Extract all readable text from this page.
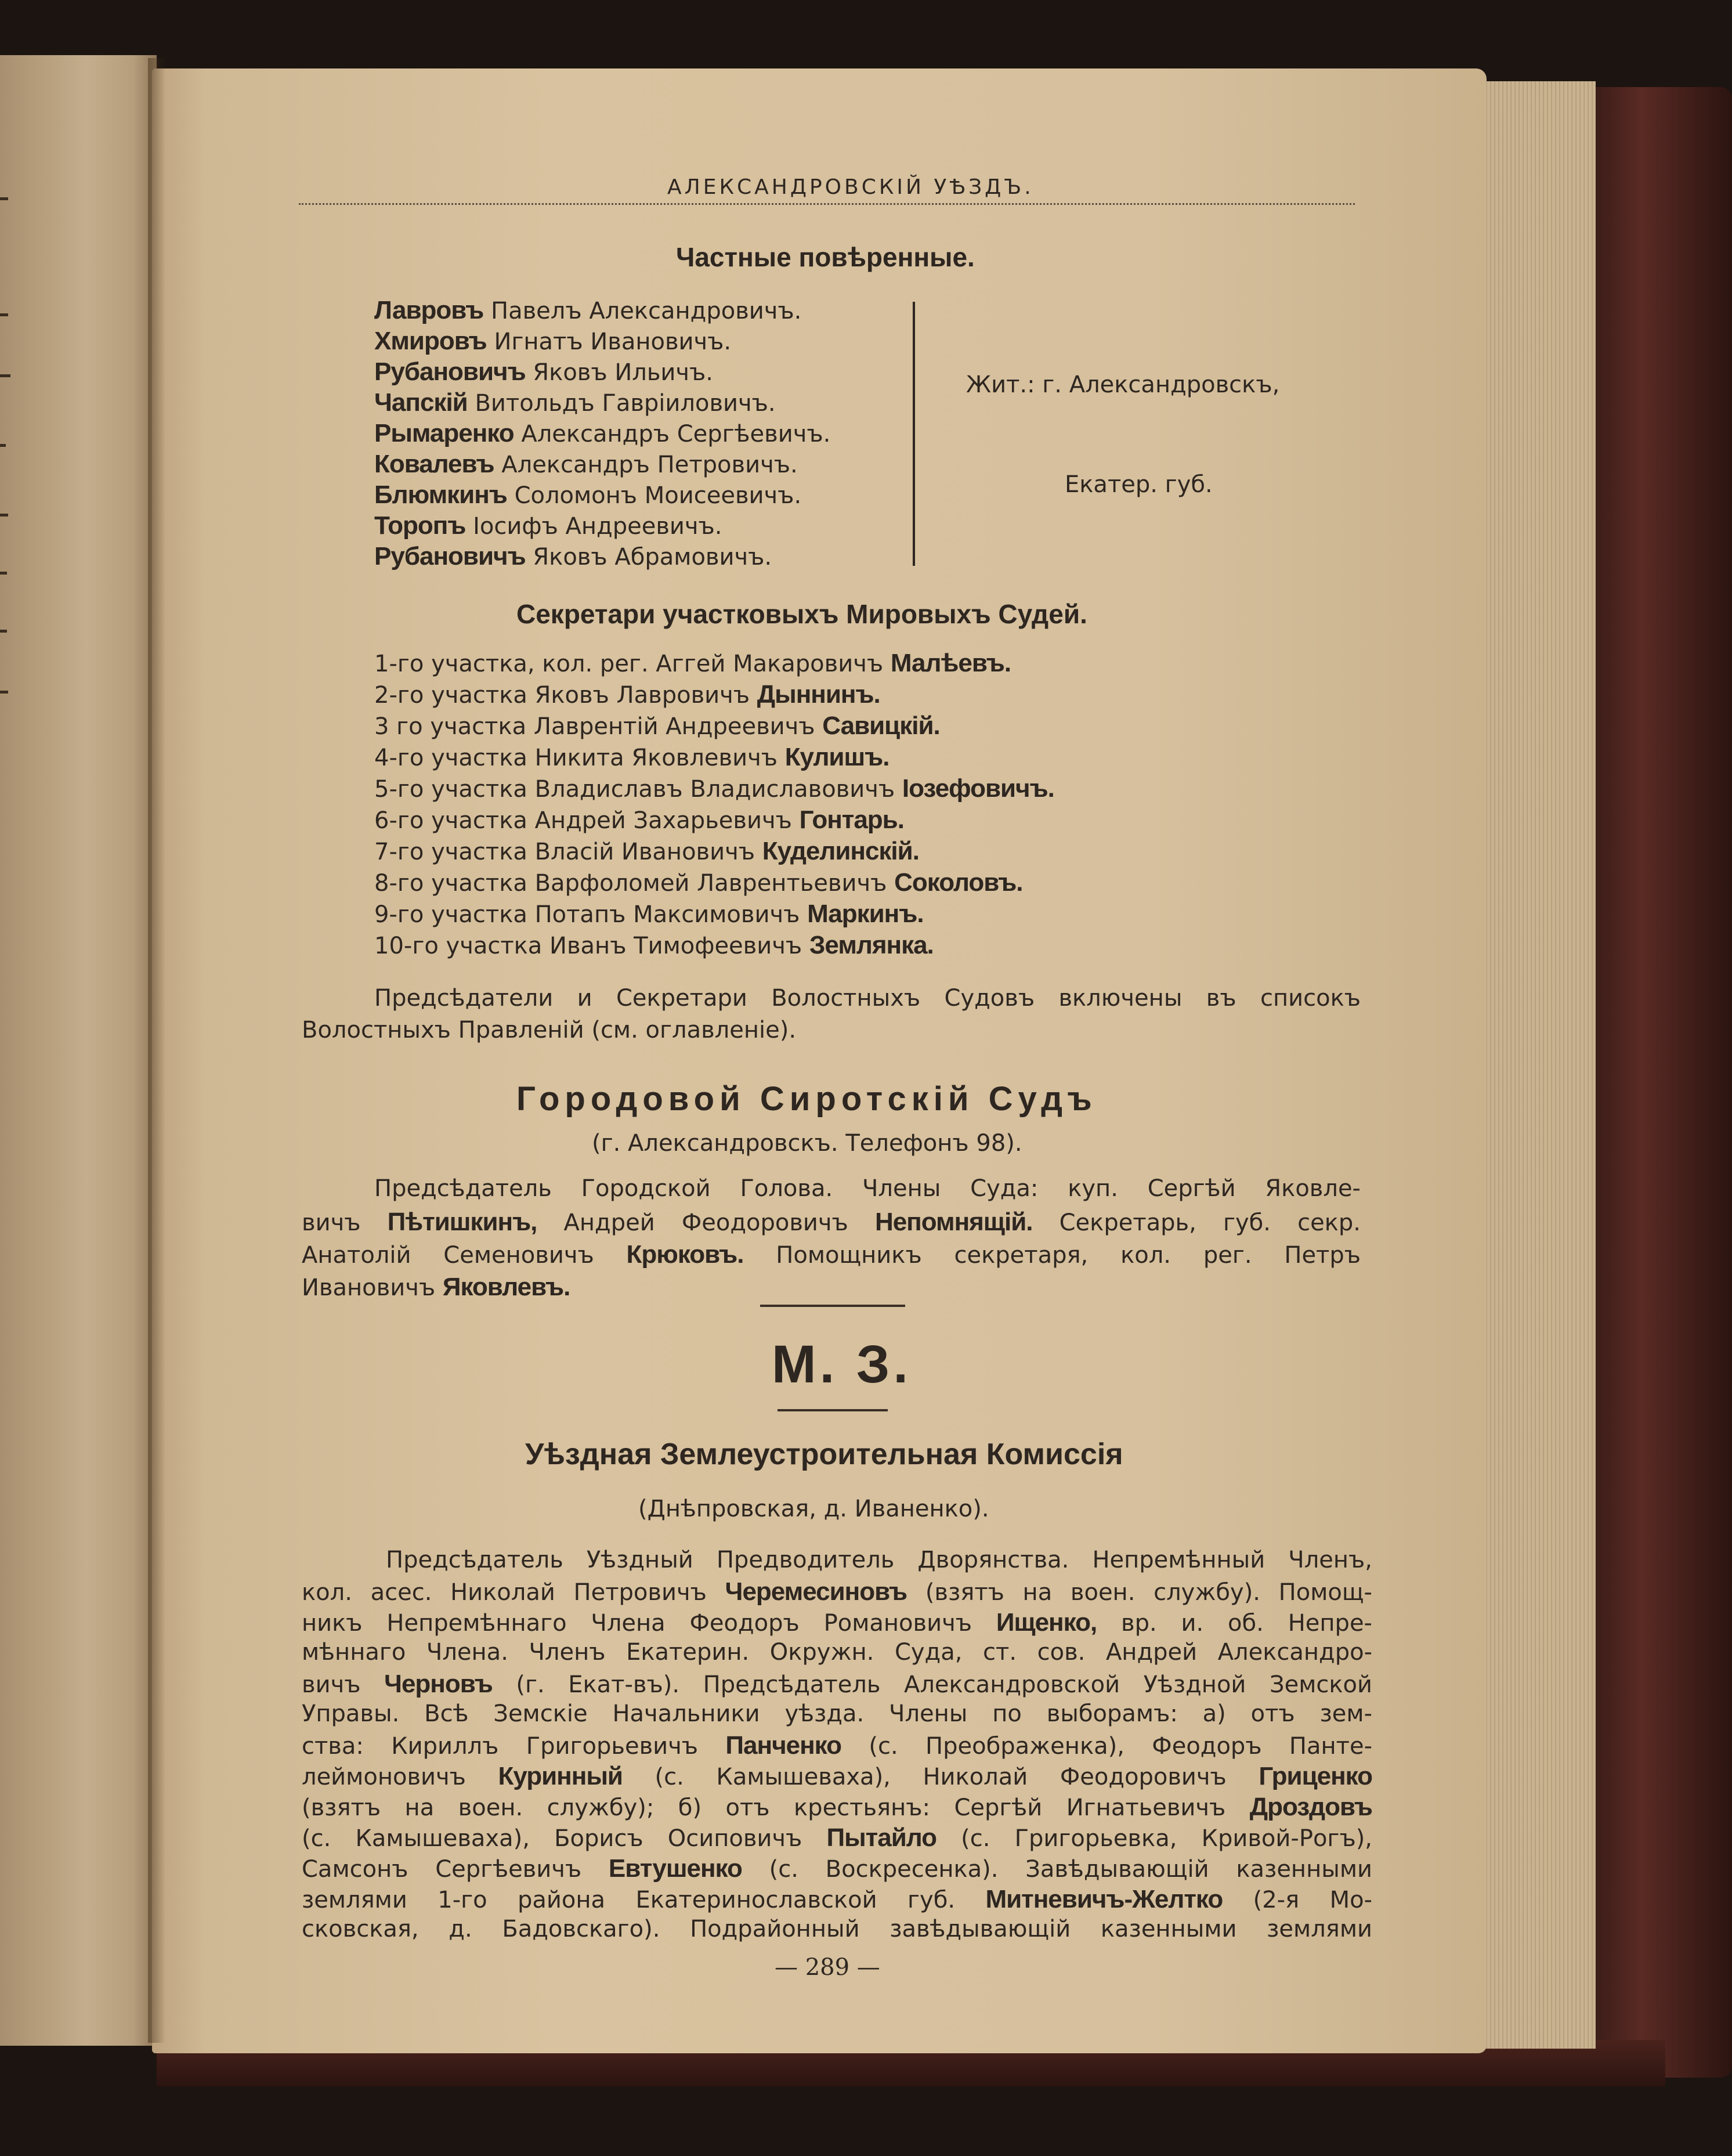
АЛЕКСАНДРОВСКІЙ УѢЗДЪ.
Частные повѣренные.
Лавровъ Павелъ Александровичъ.
Хмировъ Игнатъ Ивановичъ.
Рубановичъ Яковъ Ильичъ.
Чапскій Витольдъ Гавріиловичъ.
Рымаренко Александръ Сергѣевичъ.
Ковалевъ Александръ Петровичъ.
Блюмкинъ Соломонъ Моисеевичъ.
Торопъ Іосифъ Андреевичъ.
Рубановичъ Яковъ Абрамовичъ.
Жит.: г. Александровскъ,
Екатер. губ.
Секретари участковыхъ Мировыхъ Судей.
1-го участка, кол. рег. Аггей Макаровичъ Малѣевъ.
2-го участка Яковъ Лавровичъ Дыннинъ.
3 го участка Лаврентій Андреевичъ Савицкій.
4-го участка Никита Яковлевичъ Кулишъ.
5-го участка Владиславъ Владиславовичъ Іозефовичъ.
6-го участка Андрей Захарьевичъ Гонтарь.
7-го участка Власій Ивановичъ Куделинскій.
8-го участка Варфоломей Лаврентьевичъ Соколовъ.
9-го участка Потапъ Максимовичъ Маркинъ.
10-го участка Иванъ Тимофеевичъ Землянка.
Предсѣдатели и Секретари Волостныхъ Судовъ включены въ списокъ
Волостныхъ Правленій (см. оглавленіе).
Городовой Сиротскій Судъ
(г. Александровскъ. Телефонъ 98).
Предсѣдатель Городской Голова. Члены Суда: куп. Сергѣй Яковле-
вичъ Пѣтишкинъ, Андрей Феодоровичъ Непомнящій. Секретарь, губ. секр.
Анатолій Семеновичъ Крюковъ. Помощникъ секретаря, кол. рег. Петръ
Ивановичъ Яковлевъ.
М. З.
Уѣздная Землеустроительная Комиссія
(Днѣпровская, д. Иваненко).
Предсѣдатель Уѣздный Предводитель Дворянства. Непремѣнный Членъ,
кол. асес. Николай Петровичъ Черемесиновъ (взятъ на воен. службу). Помощ-
никъ Непремѣннаго Члена Феодоръ Романовичъ Ищенко, вр. и. об. Непре-
мѣннаго Члена. Членъ Екатерин. Окружн. Суда, ст. сов. Андрей Александро-
вичъ Черновъ (г. Екат-въ). Предсѣдатель Александровской Уѣздной Земской
Управы. Всѣ Земскіе Начальники уѣзда. Члены по выборамъ: а) отъ зем-
ства: Кириллъ Григорьевичъ Панченко (с. Преображенка), Феодоръ Панте-
леймоновичъ Куринный (с. Камышеваха), Николай Феодоровичъ Гриценко
(взятъ на воен. службу); б) отъ крестьянъ: Сергѣй Игнатьевичъ Дроздовъ
(с. Камышеваха), Борисъ Осиповичъ Пытайло (с. Григорьевка, Кривой-Рогъ),
Самсонъ Сергѣевичъ Евтушенко (с. Воскресенка). Завѣдывающій казенными
землями 1-го района Екатеринославской губ. Митневичъ-Желтко (2-я Мо-
сковская, д. Бадовскаго). Подрайонный завѣдывающій казенными землями
— 289 —
